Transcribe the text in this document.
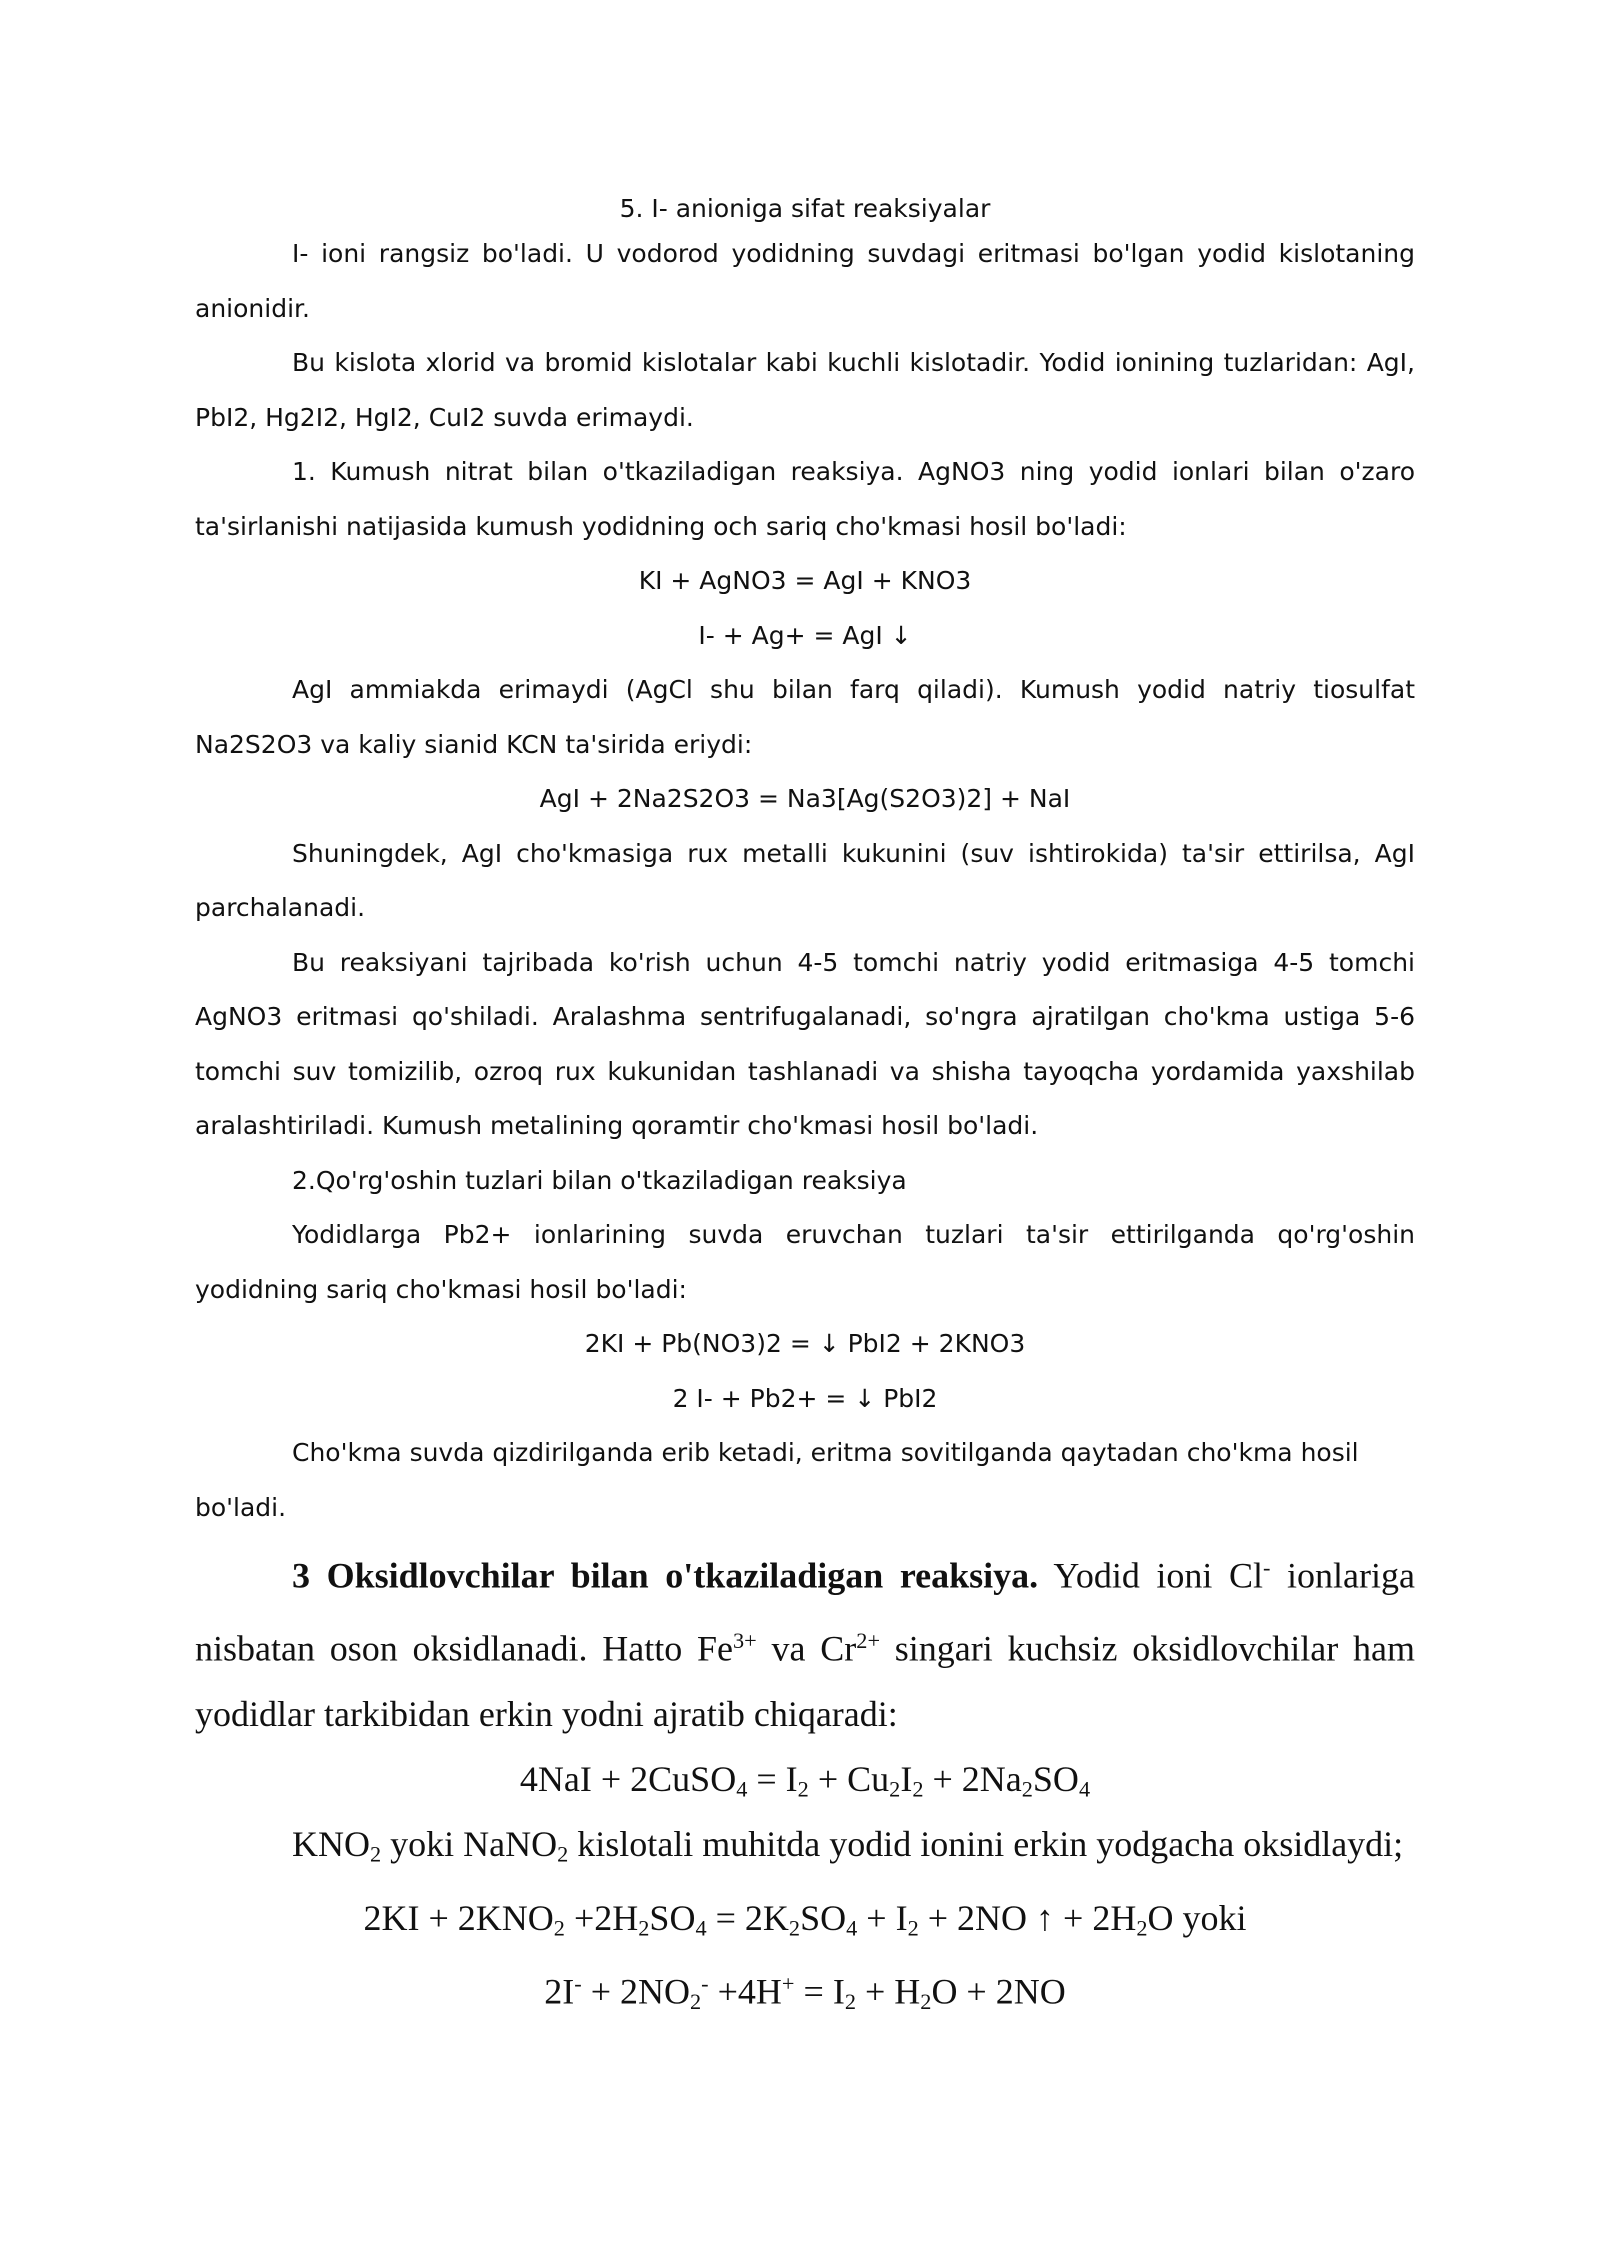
5. I- anioniga sifat reaksiyalar

I- ioni rangsiz bo'ladi. U vodorod yodidning suvdagi eritmasi bo'lgan yodid kislotaning anionidir.

Bu kislota xlorid va bromid kislotalar kabi kuchli kislotadir. Yodid ionining tuzlaridan: AgI, PbI2, Hg2I2, HgI2, CuI2 suvda erimaydi.

1. Kumush nitrat bilan o'tkaziladigan reaksiya. AgNO3 ning yodid ionlari bilan o'zaro ta'sirlanishi natijasida kumush yodidning och sariq cho'kmasi hosil bo'ladi:

KI + AgNO3 = AgI + KNO3

I- + Ag+ = AgI ↓

AgI ammiakda erimaydi (AgCl shu bilan farq qiladi). Kumush yodid natriy tiosulfat Na2S2O3 va kaliy sianid KCN ta'sirida eriydi:

AgI + 2Na2S2O3 = Na3[Ag(S2O3)2] + NaI

Shuningdek, AgI cho'kmasiga rux metalli kukunini (suv ishtirokida) ta'sir ettirilsa, AgI parchalanadi.

Bu reaksiyani tajribada ko'rish uchun 4-5 tomchi natriy yodid eritmasiga 4-5 tomchi AgNO3 eritmasi qo'shiladi. Aralashma sentrifugalanadi, so'ngra ajratilgan cho'kma ustiga 5-6 tomchi suv tomizilib, ozroq rux kukunidan tashlanadi va shisha tayoqcha yordamida yaxshilab aralashtiriladi. Kumush metalining qoramtir cho'kmasi hosil bo'ladi.

2.Qo'rg'oshin tuzlari bilan o'tkaziladigan reaksiya

Yodidlarga Pb2+ ionlarining suvda eruvchan tuzlari ta'sir ettirilganda qo'rg'oshin yodidning sariq cho'kmasi hosil bo'ladi:

2KI + Pb(NO3)2 = ↓ PbI2 + 2KNO3

2 I- + Pb2+ = ↓ PbI2

Cho'kma suvda qizdirilganda erib ketadi, eritma sovitilganda qaytadan cho'kma hosil bo'ladi.

3 Oksidlovchilar bilan o'tkaziladigan reaksiya. Yodid ioni Cl- ionlariga nisbatan oson oksidlanadi. Hatto $Fe^{3+}$ va $Cr^{2+}$ singari kuchsiz oksidlovchilar ham yodidlar tarkibidan erkin yodni ajratib chiqaradi:

4NaI + 2CuSO$_4$ = $I_2 + Cu_2I_2 + 2Na_2SO_4$

$KNO_2$ yoki NaNO$_2$ kislotali muhitda yodid ionini erkin yodgacha oksidlaydi;

$2KI + 2KNO_2 +2H_2SO_4 = 2K_2SO_4 + I_2 + 2NO$ ↑ + $2H_2O$ yoki

$2I^- + 2NO_2^- +4H^+ = I_2 + H_2O + 2NO$
